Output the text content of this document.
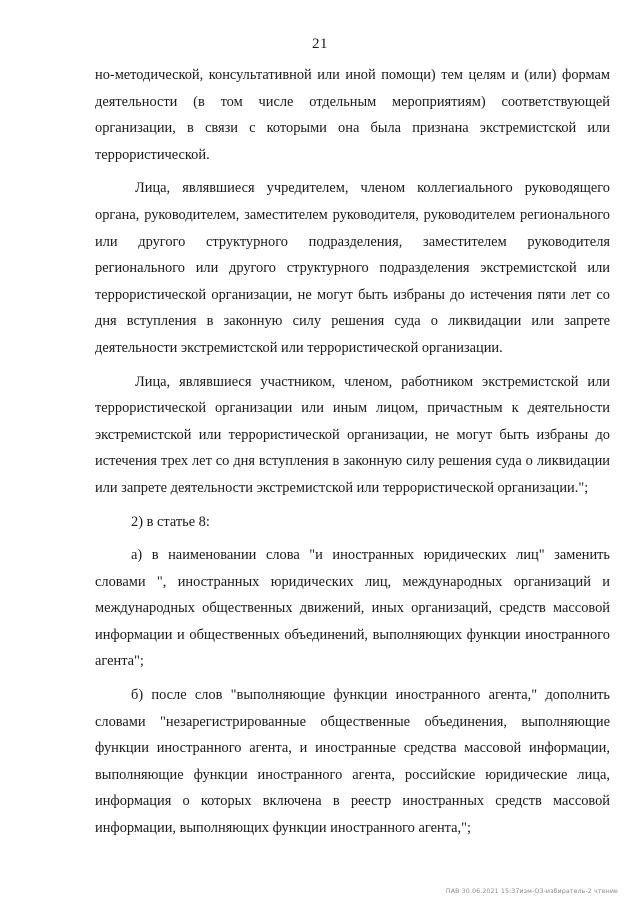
21

но-методической, консультативной или иной помощи) тем целям и (или) формам деятельности (в том числе отдельным мероприятиям) соответствующей организации, в связи с которыми она была признана экстремистской или террористической.

Лица, являвшиеся учредителем, членом коллегиального руководящего органа, руководителем, заместителем руководителя, руководителем регионального или другого структурного подразделения, заместителем руководителя регионального или другого структурного подразделения экстремистской или террористической организации, не могут быть избраны до истечения пяти лет со дня вступления в законную силу решения суда о ликвидации или запрете деятельности экстремистской или террористической организации.

Лица, являвшиеся участником, членом, работником экстремистской или террористической организации или иным лицом, причастным к деятельности экстремистской или террористической организации, не могут быть избраны до истечения трех лет со дня вступления в законную силу решения суда о ликвидации или запрете деятельности экстремистской или террористической организации.";

2) в статье 8:

а) в наименовании слова "и иностранных юридических лиц" заменить словами ", иностранных юридических лиц, международных организаций и международных общественных движений, иных организаций, средств массовой информации и общественных объединений, выполняющих функции иностранного агента";

б) после слов "выполняющие функции иностранного агента," дополнить словами "незарегистрированные общественные объединения, выполняющие функции иностранного агента, и иностранные средства массовой информации, выполняющие функции иностранного агента, российские юридические лица, информация о которых включена в реестр иностранных средств массовой информации, выполняющих функции иностранного агента,";

ПАВ 30.06.2021 15:37изм-ОЗ-избиратель-2 чтение
